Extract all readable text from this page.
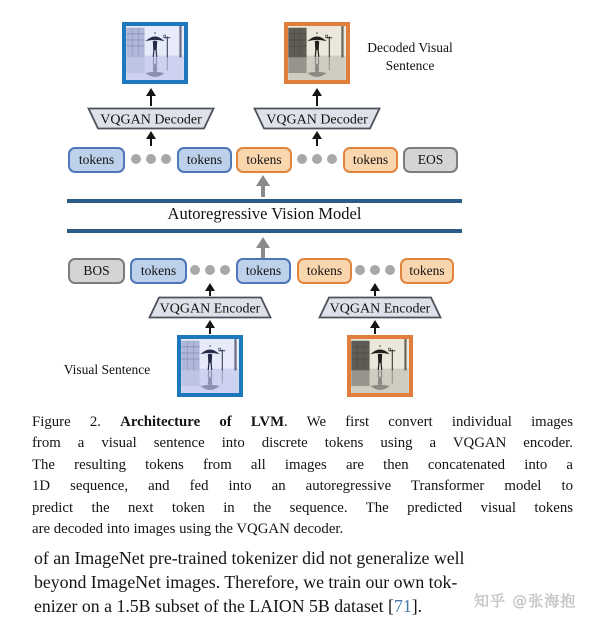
Decoded Visual
Sentence
VQGAN Decoder	VQGAN Decoder
tokens	tokens	tokens	tokens	EOS
Autoregressive Vision Model
BOS	tokens	tokens	tokens	tokens
VQGAN Encoder	VQGAN Encoder
Visual Sentence
Figure 2. Architecture of LVM. We first convert individual images
from a visual sentence into discrete tokens using a VQGAN encoder.
The resulting tokens from all images are then concatenated into a
1D sequence, and fed into an autoregressive Transformer model to
predict the next token in the sequence. The predicted visual tokens
are decoded into images using the VQGAN decoder.
of an ImageNet pre-trained tokenizer did not generalize well
beyond ImageNet images. Therefore, we train our own tok-
enizer on a 1.5B subset of the LAION 5B dataset [71].	知乎 @张海抱
